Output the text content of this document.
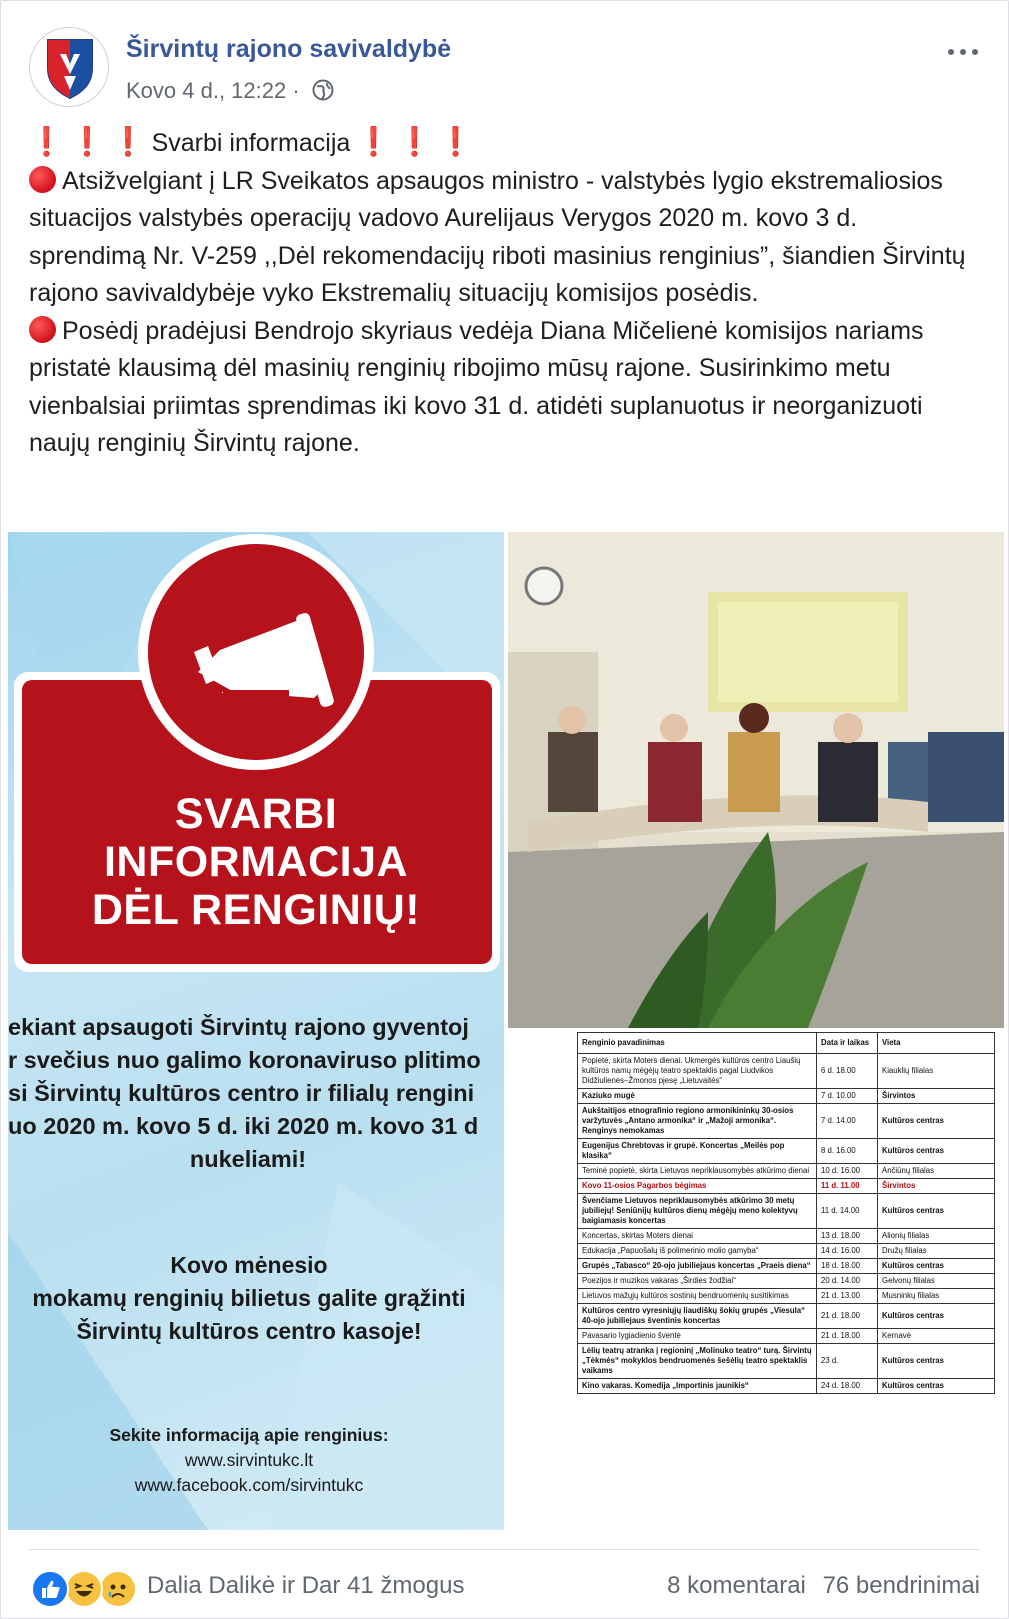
Širvintų rajono savivaldybė
Kovo 4 d., 12:22 ·

❗❗❗Svarbi informacija ❗❗❗

Atsižvelgiant į LR Sveikatos apsaugos ministro - valstybės lygio ekstremaliosios situacijos valstybės operacijų vadovo Aurelijaus Verygos 2020 m. kovo 3 d. sprendimą Nr. V-259 ,,Dėl rekomendacijų riboti masinius renginius”, šiandien Širvintų rajono savivaldybėje vyko Ekstremalių situacijų komisijos posėdis.

Posėdį pradėjusi Bendrojo skyriaus vedėja Diana Mičelienė komisijos nariams pristatė klausimą dėl masinių renginių ribojimo mūsų rajone. Susirinkimo metu vienbalsiai priimtas sprendimas iki kovo 31 d. atidėti suplanuotus ir neorganizuoti naujų renginių Širvintų rajone.

SVARBI
INFORMACIJA
DĖL RENGINIŲ!
ekiant apsaugoti Širvintų rajono gyventoj
r svečius nuo galimo koronaviruso plitimo
si Širvintų kultūros centro ir filialų rengini
uo 2020 m. kovo 5 d. iki 2020 m. kovo 31 d
nukeliami!
Kovo mėnesio
mokamų renginių bilietus galite grąžinti
Širvintų kultūros centro kasoje!
Sekite informaciją apie renginius:
www.sirvintukc.lt
www.facebook.com/sirvintukc
Renginio pavadinimas	Data ir laikas	Vieta
Popietė, skirta Moters dienai. Ukmergės kultūros centro Liaušių kultūros namų mėgėjų teatro spektaklis pagal Liudvikos Didžiulienės–Žmonos pjesę „Lietuvaitės“	6 d. 18.00	Kiauklių filialas
Kaziuko mugė	7 d. 10.00	Širvintos
Aukštaitijos etnografinio regiono armonikininkų 30-osios varžytuvės „Antano armonika“ ir „Mažoji armonika“. Renginys nemokamas	7 d. 14.00	Kultūros centras
Eugenijus Chrebtovas ir grupė. Koncertas „Meilės pop klasika“	8 d. 16.00	Kultūros centras
Teminė popietė, skirta Lietuvos nepriklausomybės atkūrimo dienai	10 d. 16.00	Ančiūnų filialas
Kovo 11-osios Pagarbos bėgimas	11 d. 11.00	Širvintos
Švenčiame Lietuvos nepriklausomybės atkūrimo 30 metų jubiliejų! Seniūnijų kultūros dienų mėgėjų meno kolektyvų baigiamasis koncertas	11 d. 14.00	Kultūros centras
Koncertas, skirtas Moters dienai	13 d. 18.00	Alionių filialas
Edukacija „Papuošalų iš polimerinio molio gamyba“	14 d. 16.00	Družų filialas
Grupės „Tabasco“ 20-ojo jubiliejaus koncertas „Praeis diena“	18 d. 18.00	Kultūros centras
Poezijos ir muzikos vakaras „Širdies žodžiai“	20 d. 14.00	Gelvonų filialas
Lietuvos mažųjų kultūros sostinių bendruomenių susitikimas	21 d. 13.00	Musninkų filialas
Kultūros centro vyresniųjų liaudiškų šokių grupės „Viesula“ 40-ojo jubiliejaus šventinis koncertas	21 d. 18.00	Kultūros centras
Pavasario lygiadienio šventė	21 d. 18.00	Kernavė
Lėlių teatrų atranka į regioninį „Molinuko teatro“ turą. Širvintų „Tėkmės“ mokyklos bendruomenės šešėlių teatro spektaklis vaikams	23 d.	Kultūros centras
Kino vakaras. Komedija „Importinis jaunikis“	24 d. 18.00	Kultūros centras
Dalia Dalikė ir Dar 41 žmogus	8 komentarai 76 bendrinimai
